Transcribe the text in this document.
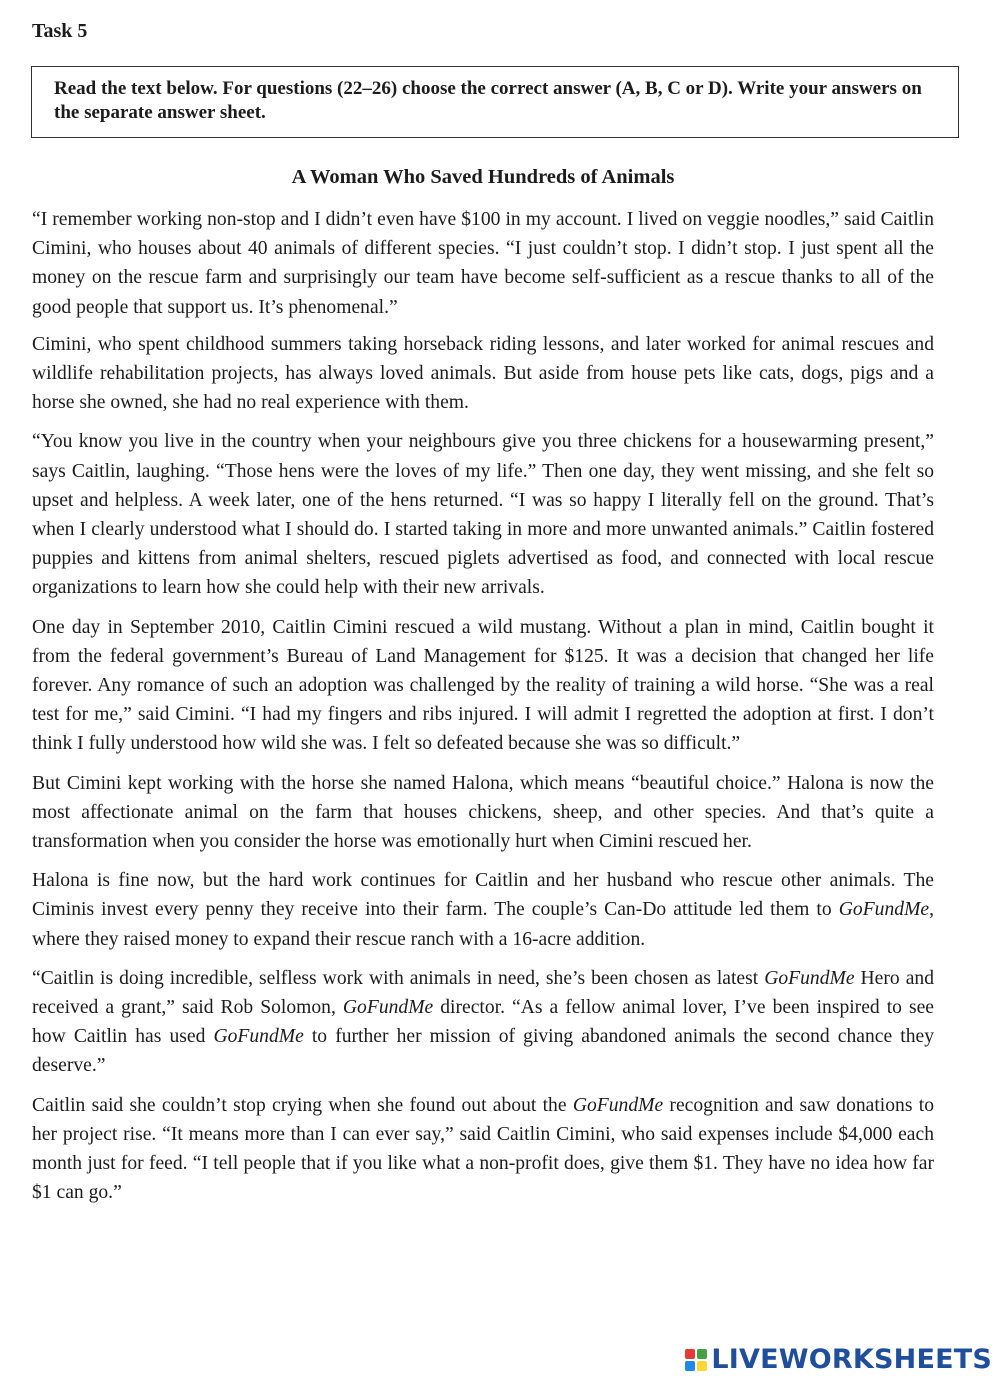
Task 5
Read the text below. For questions (22–26) choose the correct answer (A, B, C or D). Write your answers on the separate answer sheet.
A Woman Who Saved Hundreds of Animals

“I remember working non-stop and I didn’t even have $100 in my account. I lived on veggie noodles,” said Caitlin Cimini, who houses about 40 animals of different species. “I just couldn’t stop. I didn’t stop. I just spent all the money on the rescue farm and surprisingly our team have become self-sufficient as a rescue thanks to all of the good people that support us. It’s phenomenal.”

Cimini, who spent childhood summers taking horseback riding lessons, and later worked for animal rescues and wildlife rehabilitation projects, has always loved animals. But aside from house pets like cats, dogs, pigs and a horse she owned, she had no real experience with them.

“You know you live in the country when your neighbours give you three chickens for a housewarming present,” says Caitlin, laughing. “Those hens were the loves of my life.” Then one day, they went missing, and she felt so upset and helpless. A week later, one of the hens returned. “I was so happy I literally fell on the ground. That’s when I clearly understood what I should do. I started taking in more and more unwanted animals.” Caitlin fostered puppies and kittens from animal shelters, rescued piglets advertised as food, and connected with local rescue organizations to learn how she could help with their new arrivals.

One day in September 2010, Caitlin Cimini rescued a wild mustang. Without a plan in mind, Caitlin bought it from the federal government’s Bureau of Land Management for $125. It was a decision that changed her life forever. Any romance of such an adoption was challenged by the reality of training a wild horse. “She was a real test for me,” said Cimini. “I had my fingers and ribs injured. I will admit I regretted the adoption at first. I don’t think I fully understood how wild she was. I felt so defeated because she was so difficult.”

But Cimini kept working with the horse she named Halona, which means “beautiful choice.” Halona is now the most affectionate animal on the farm that houses chickens, sheep, and other species. And that’s quite a transformation when you consider the horse was emotionally hurt when Cimini rescued her.

Halona is fine now, but the hard work continues for Caitlin and her husband who rescue other animals. The Ciminis invest every penny they receive into their farm. The couple’s Can-Do attitude led them to GoFundMe, where they raised money to expand their rescue ranch with a 16-acre addition.

“Caitlin is doing incredible, selfless work with animals in need, she’s been chosen as latest GoFundMe Hero and received a grant,” said Rob Solomon, GoFundMe director. “As a fellow animal lover, I’ve been inspired to see how Caitlin has used GoFundMe to further her mission of giving abandoned animals the second chance they deserve.”

Caitlin said she couldn’t stop crying when she found out about the GoFundMe recognition and saw donations to her project rise. “It means more than I can ever say,” said Caitlin Cimini, who said expenses include $4,000 each month just for feed. “I tell people that if you like what a non-profit does, give them $1. They have no idea how far $1 can go.”

LIVEWORKSHEETS
